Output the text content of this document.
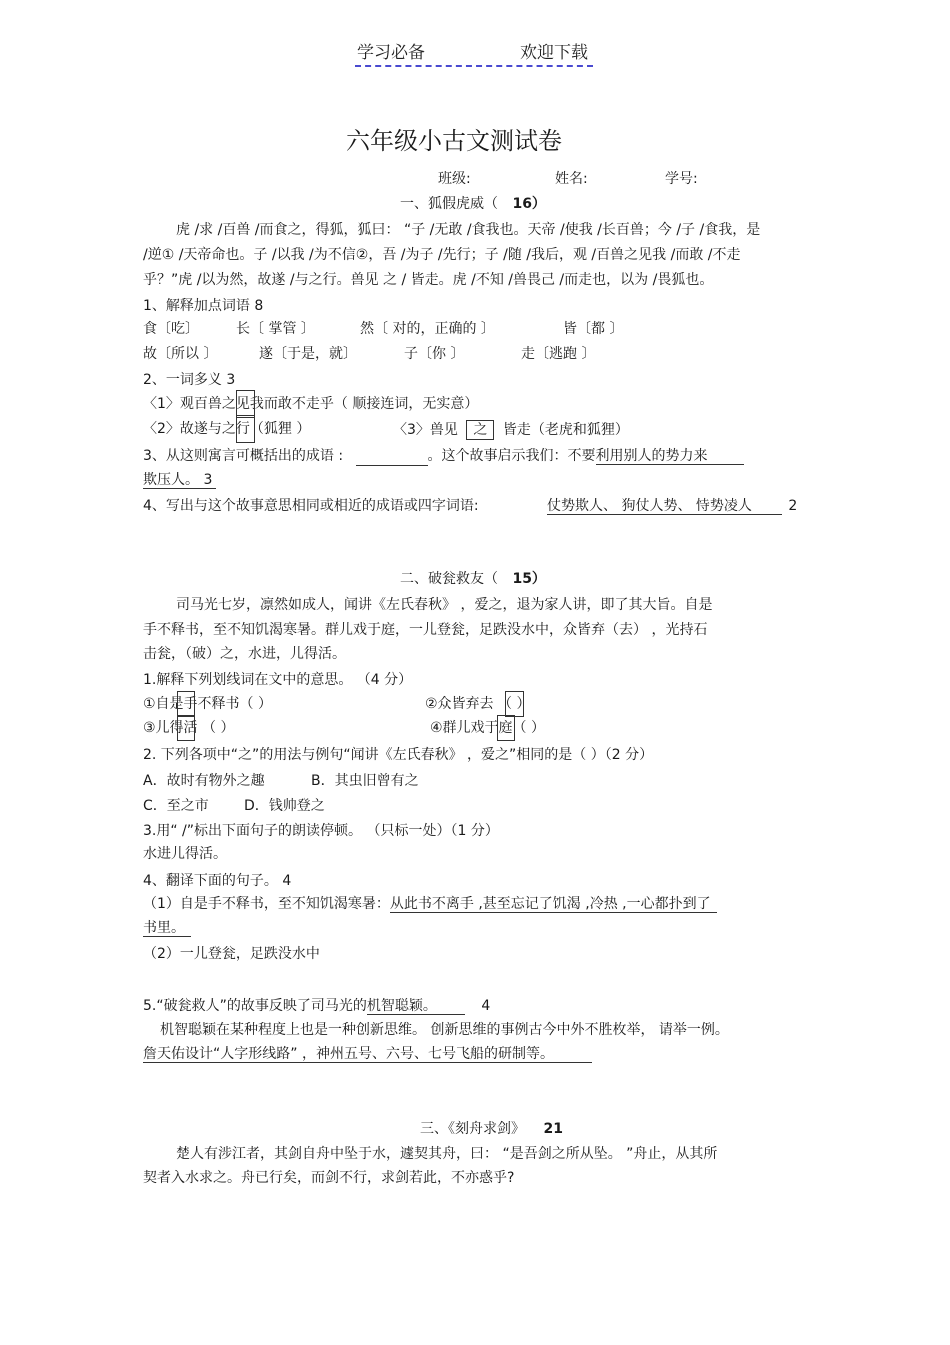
学习必备	欢迎下载
六年级小古文测试卷
班级:	姓名:	学号:
一、狐假虎威（ 16）
虎 /求 /百兽 /而食之，得狐，狐曰： “子 /无敢 /食我也。天帝 /使我 /长百兽；今 /子 /食我，是
/逆① /天帝命也。子 /以我 /为不信②，吾 /为子 /先行；子 /随 /我后，观 /百兽之见我 /而敢 /不走
乎？”虎 /以为然，故遂 /与之行。兽见 之 / 皆走。虎 /不知 /兽畏己 /而走也，以为 /畏狐也。
1、解释加点词语 8
食〔吃〕	长〔 掌管 〕	然〔 对的，正确的 〕	皆〔都 〕
故〔所以 〕	遂〔于是，就〕	子〔你 〕	走〔逃跑 〕
2、一词多义 3
〈1〉观百兽之见我而敢不走乎（ 顺接连词，无实意）
〈2〉故遂与之行（狐狸 ）	〈3〉兽见 之 皆走（老虎和狐狸）
3、从这则寓言可概括出的成语 :	。这个故事启示我们：不要利用别人的势力来
欺压人。 3
4、写出与这个故事意思相同或相近的成语或四字词语:	仗势欺人、 狗仗人势、 恃势凌人	2
二、破瓮救友（ 15）
司马光七岁，凛然如成人，闻讲《左氏春秋》 ，爱之，退为家人讲，即了其大旨。自是
手不释书，至不知饥渴寒暑。群儿戏于庭，一儿登瓮，足跌没水中，众皆弃（去） ，光持石
击瓮，（破）之，水进，儿得活。
1.解释下列划线词在文中的意思。 （4 分）
①自是手不释书（ ）	②众皆弃去 （ ）
③儿得活 （ ）	④群儿戏于庭（ ）
2. 下列各项中“之”的用法与例句“闻讲《左氏春秋》 ，爱之”相同的是（ ）（2 分）
A．故时有物外之趣	B．其虫旧曾有之
C．至之市	D．钱帅登之
3.用“ /”标出下面句子的朗读停顿。 （只标一处）（1 分）
水进儿得活。
4、翻译下面的句子。 4
（1）自是手不释书，至不知饥渴寒暑：从此书不离手 ,甚至忘记了饥渴 ,冷热 ,一心都扑到了
书里。
（2）一儿登瓮，足跌没水中
5.“破瓮救人”的故事反映了司马光的机智聪颖。	4
机智聪颖在某种程度上也是一种创新思维。 创新思维的事例古今中外不胜枚举， 请举一例。
詹天佑设计“人字形线路” ，神州五号、六号、七号飞船的研制等。
三、《刻舟求剑》 21
楚人有涉江者，其剑自舟中坠于水，遽契其舟，曰： “是吾剑之所从坠。 ”舟止，从其所
契者入水求之。舟已行矣，而剑不行，求剑若此，不亦惑乎?
